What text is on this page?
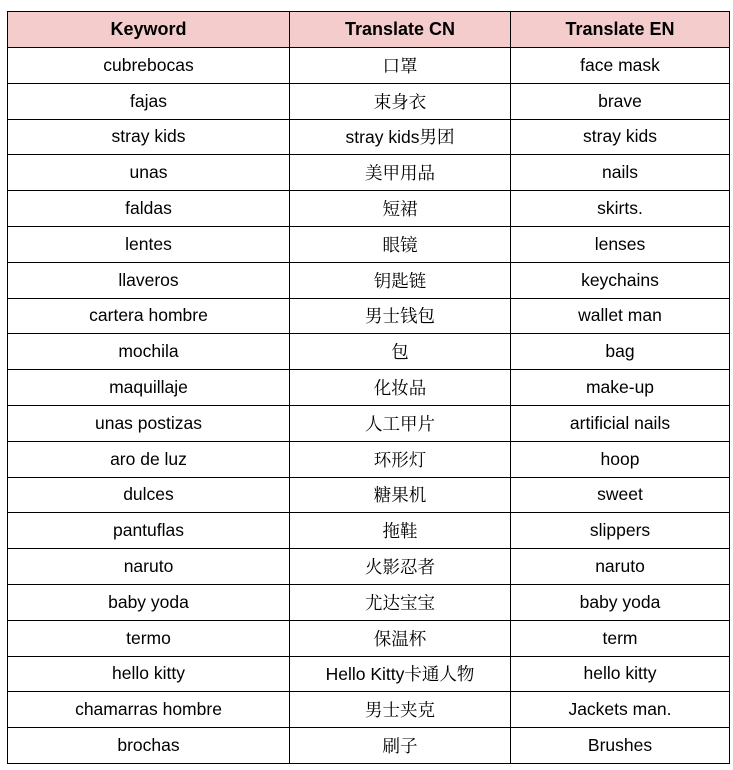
Keyword	Translate CN	Translate EN
cubrebocas	口罩	face mask
fajas	束身衣	brave
stray kids	stray kids男团	stray kids
unas	美甲用品	nails
faldas	短裙	skirts.
lentes	眼镜	lenses
llaveros	钥匙链	keychains
cartera hombre	男士钱包	wallet man
mochila	包	bag
maquillaje	化妆品	make-up
unas postizas	人工甲片	artificial nails
aro de luz	环形灯	hoop
dulces	糖果机	sweet
pantuflas	拖鞋	slippers
naruto	火影忍者	naruto
baby yoda	尤达宝宝	baby yoda
termo	保温杯	term
hello kitty	Hello Kitty卡通人物	hello kitty
chamarras hombre	男士夹克	Jackets man.
brochas	刷子	Brushes
